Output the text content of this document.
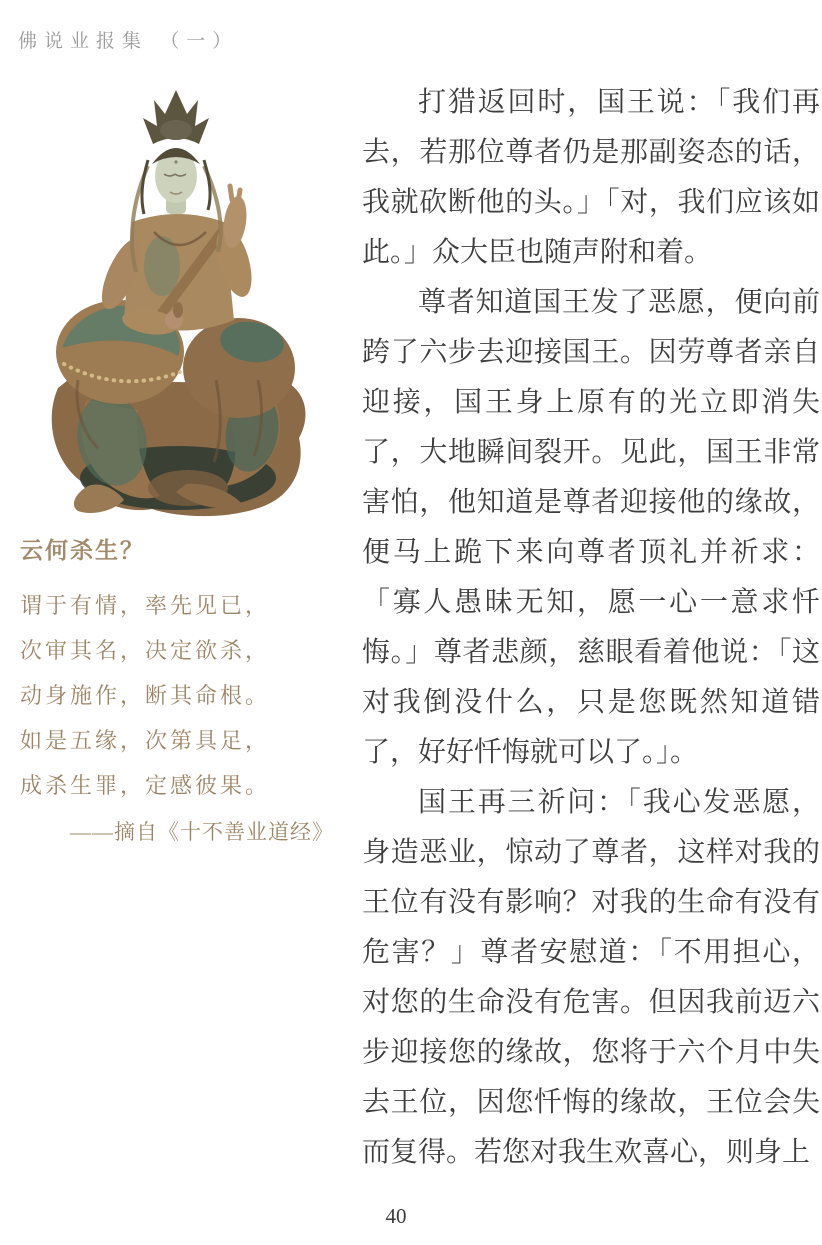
佛说业报集 （一）
云何杀生？
谓于有情，率先见已，
次审其名，决定欲杀，
动身施作，断其命根。
如是五缘，次第具足，
成杀生罪，定感彼果。
——摘自《十不善业道经》

打猎返回时，国王说：「我们再去，若那位尊者仍是那副姿态的话，我就砍断他的头。」「对，我们应该如此。」众大臣也随声附和着。

尊者知道国王发了恶愿，便向前跨了六步去迎接国王。因劳尊者亲自迎接，国王身上原有的光立即消失了，大地瞬间裂开。见此，国王非常害怕，他知道是尊者迎接他的缘故，便马上跪下来向尊者顶礼并祈求：「寡人愚昧无知，愿一心一意求忏悔。」尊者悲颜，慈眼看着他说：「这对我倒没什么，只是您既然知道错了，好好忏悔就可以了。」。

国王再三祈问：「我心发恶愿，身造恶业，惊动了尊者，这样对我的王位有没有影响？对我的生命有没有危害？」尊者安慰道：「不用担心，对您的生命没有危害。但因我前迈六步迎接您的缘故，您将于六个月中失去王位，因您忏悔的缘故，王位会失而复得。若您对我生欢喜心，则身上

40
